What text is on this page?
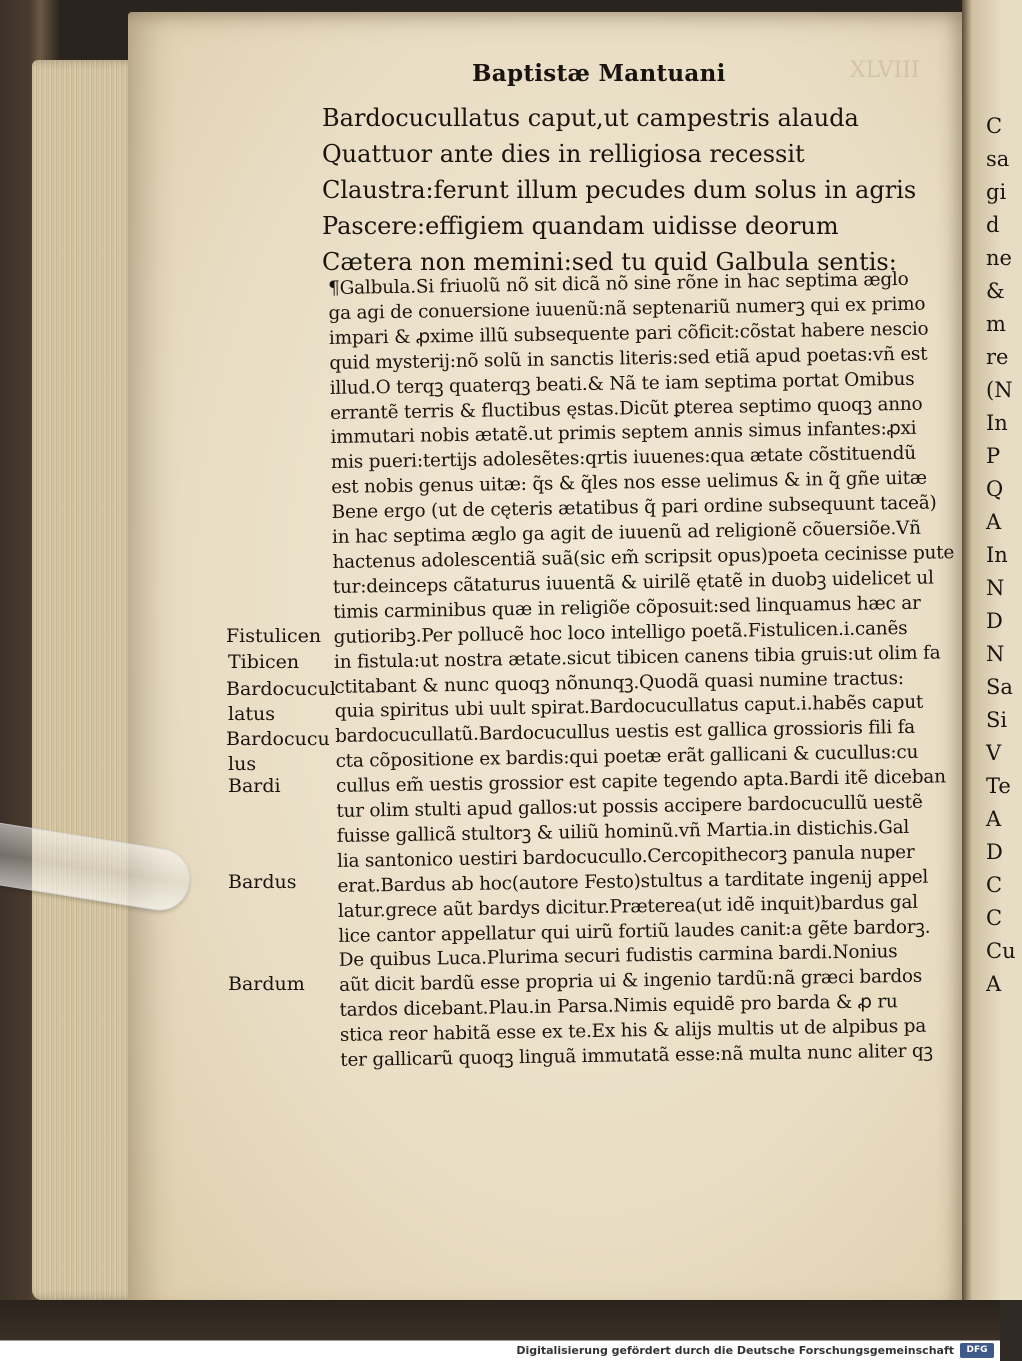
XLVIII
Baptistæ Mantuani
Bardocucullatus caput,ut campestris alauda
Quattuor ante dies in relligiosa recessit
Claustra:ferunt illum pecudes dum solus in agris
Pascere:effigiem quandam uidisse deorum
Cætera non memini:sed tu quid Galbula sentis:
¶Galbula.Si friuolũ nõ sit dicã nõ sine rõne in hac septima æglo
ga agi de conuersione iuuenũ:nã septenariũ numerꝫ qui ex primo
impari & ꝓxime illũ subsequente pari cõficit:cõstat habere nescio
quid mysterij:nõ solũ in sanctis literis:sed etiã apud poetas:vñ est
illud.O terqꝫ quaterqꝫ beati.& Nã te iam septima portat Omibus
errantẽ terris & fluctibus ęstas.Dicũt ꝑterea septimo quoqꝫ anno
immutari nobis ætatẽ.ut primis septem annis simus infantes:ꝓxi
mis pueri:tertijs adolesẽtes:qrtis iuuenes:qua ætate cõstituendũ
est nobis genus uitæ: q̃s & q̃les nos esse uelimus & in q̃ gñe uitæ
Bene ergo (ut de cęteris ætatibus q̃ pari ordine subsequunt taceã)
in hac septima æglo ga agit de iuuenũ ad religionẽ cõuersiõe.Vñ
hactenus adolescentiã suã(sic em̃ scripsit opus)poeta cecinisse pute
tur:deinceps cãtaturus iuuentã & uirilẽ ętatẽ in duobꝫ uidelicet ul
timis carminibus quæ in religiõe cõposuit:sed linquamus hæc ar
gutioribꝫ.Per pollucẽ hoc loco intelligo poetã.Fistulicen.i.canẽs
in fistula:ut nostra ætate.sicut tibicen canens tibia gruis:ut olim fa
ctitabant & nunc quoqꝫ nõnunqꝫ.Quodã quasi numine tractus:
quia spiritus ubi uult spirat.Bardocucullatus caput.i.habẽs caput
bardocucullatũ.Bardocucullus uestis est gallica grossioris fili fa
cta cõpositione ex bardis:qui poetæ erãt gallicani & cucullus:cu
cullus em̃ uestis grossior est capite tegendo apta.Bardi itẽ diceban
tur olim stulti apud gallos:ut possis accipere bardocucullũ uestẽ
fuisse gallicã stultorꝫ & uiliũ hominũ.vñ Martia.in distichis.Gal
lia santonico uestiri bardocucullo.Cercopithecorꝫ panula nuper
erat.Bardus ab hoc(autore Festo)stultus a tarditate ingenij appel
latur.grece aũt bardys dicitur.Præterea(ut idẽ inquit)bardus gal
lice cantor appellatur qui uirũ fortiũ laudes canit:a gẽte bardorꝫ.
De quibus Luca.Plurima securi fudistis carmina bardi.Nonius
aũt dicit bardũ esse propria ui & ingenio tardũ:nã græci bardos
tardos dicebant.Plau.in Parsa.Nimis equidẽ pro barda & ꝓ ru
stica reor habitã esse ex te.Ex his & alijs multis ut de alpibus pa
ter gallicarũ quoqꝫ linguã immutatã esse:nã multa nunc aliter qꝫ
Fistulicen
Tibicen
Bardocucul
latus
Bardocucu
lus
Bardi
Bardus
Bardum
C
sa
gi
d
ne
&
m
re
(N
In
P
Q
A
In
N
D
N
Sa
Si
V
Te
A
D
C
C
Cu
A
Digitalisierung gefördert durch die Deutsche Forschungsgemeinschaft	DFG
